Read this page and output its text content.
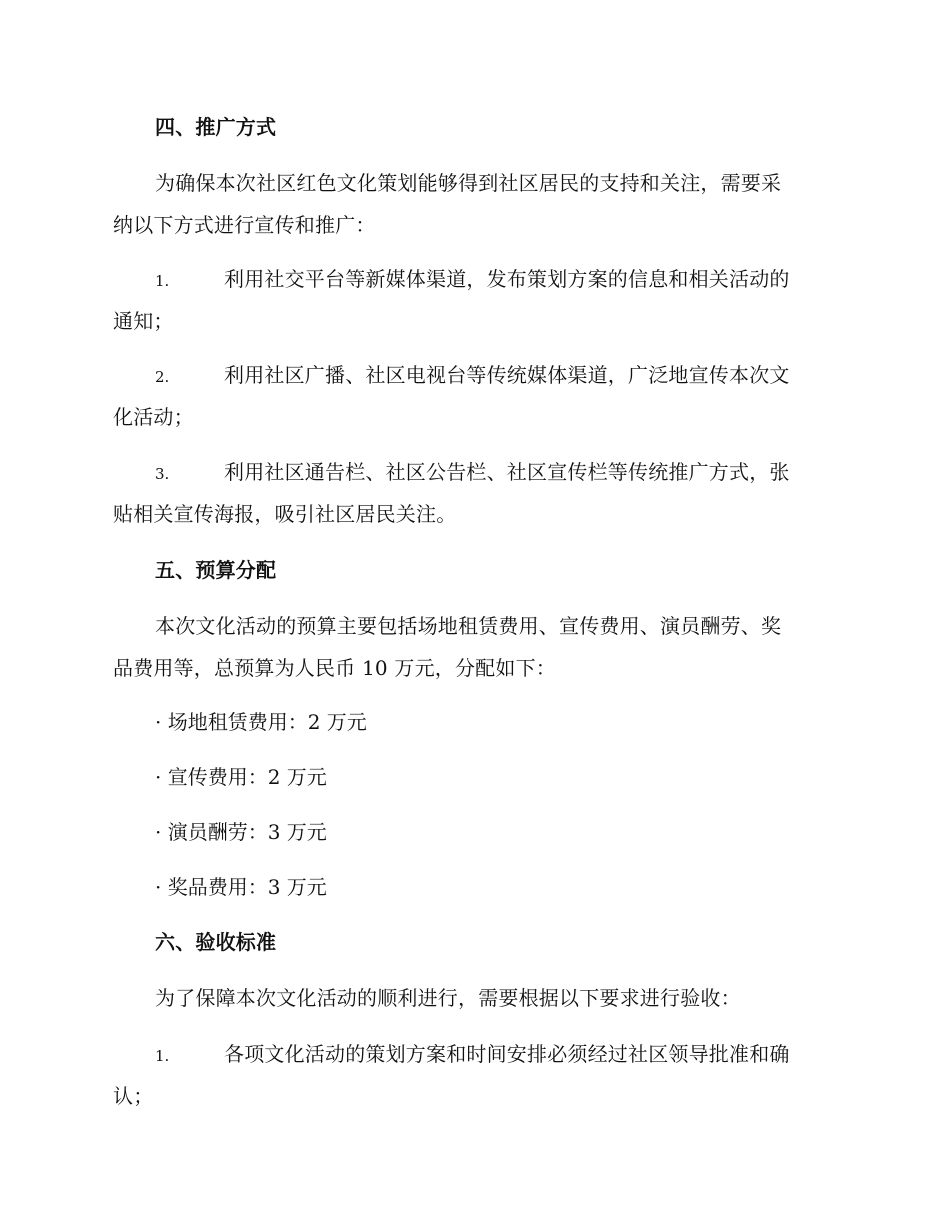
四、推广方式
为确保本次社区红色文化策划能够得到社区居民的支持和关注，需要采
纳以下方式进行宣传和推广：
1.	利用社交平台等新媒体渠道，发布策划方案的信息和相关活动的
通知；
2.	利用社区广播、社区电视台等传统媒体渠道，广泛地宣传本次文
化活动；
3.	利用社区通告栏、社区公告栏、社区宣传栏等传统推广方式，张
贴相关宣传海报，吸引社区居民关注。
五、预算分配
本次文化活动的预算主要包括场地租赁费用、宣传费用、演员酬劳、奖
品费用等，总预算为人民币 10 万元，分配如下：
· 场地租赁费用：2 万元
· 宣传费用：2 万元
· 演员酬劳：3 万元
· 奖品费用：3 万元
六、验收标准
为了保障本次文化活动的顺利进行，需要根据以下要求进行验收：
1.	各项文化活动的策划方案和时间安排必须经过社区领导批准和确
认；
